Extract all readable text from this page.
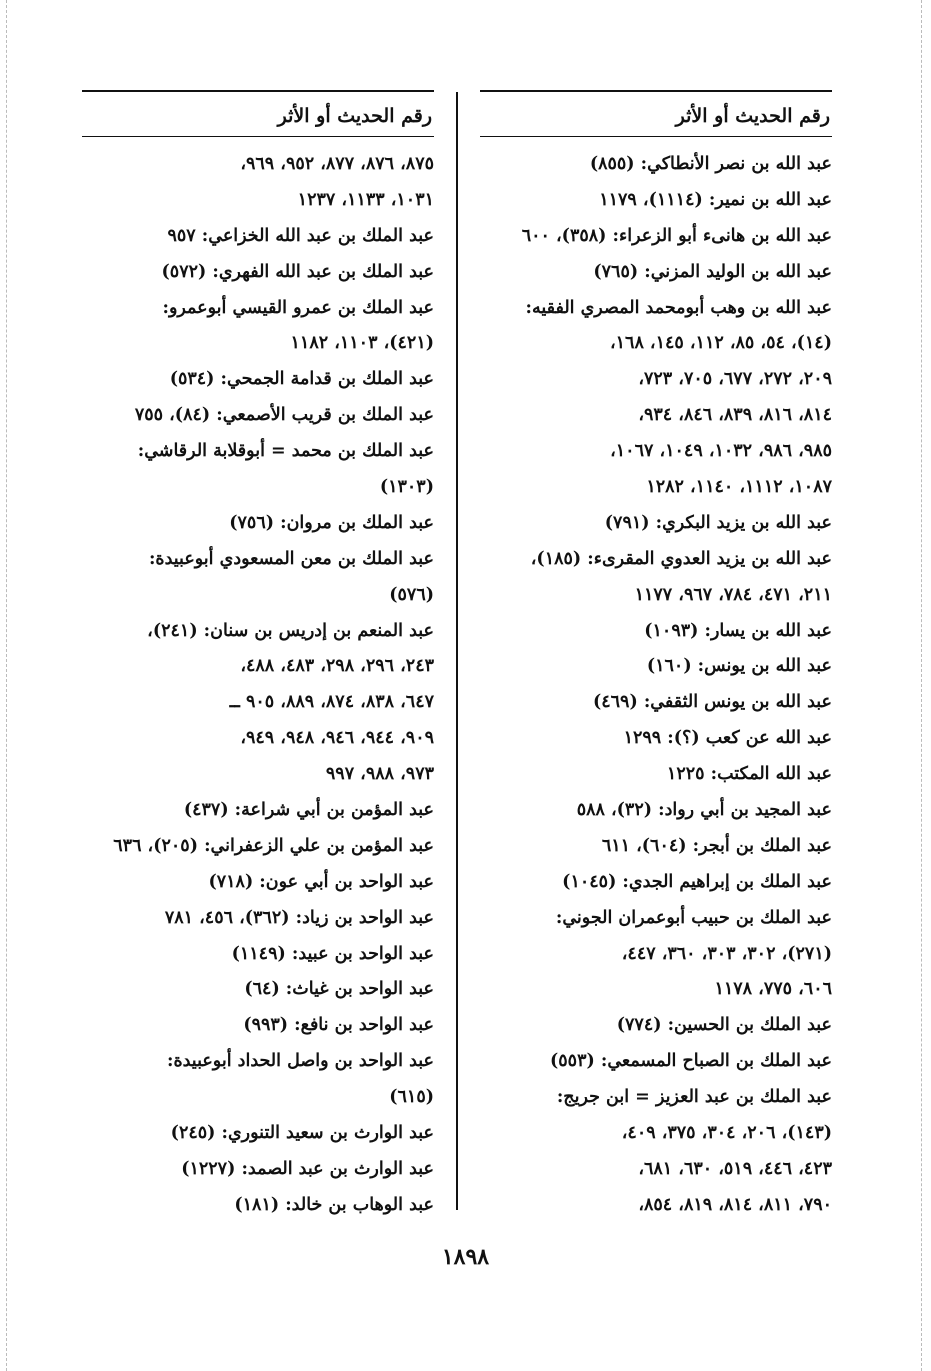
رقم الحديث أو الأثر
عبد الله بن نصر الأنطاكي: (٨٥٥)
عبد الله بن نمير: (١١١٤)، ١١٧٩
عبد الله بن هانىء أبو الزعراء: (٣٥٨)، ٦٠٠
عبد الله بن الوليد المزني: (٧٦٥)
عبد الله بن وهب أبومحمد المصري الفقيه:
(١٤)، ٥٤، ٨٥، ١١٢، ١٤٥، ١٦٨،
٢٠٩، ٢٧٢، ٦٧٧، ٧٠٥، ٧٢٣،
٨١٤، ٨١٦، ٨٣٩، ٨٤٦، ٩٣٤،
٩٨٥، ٩٨٦، ١٠٣٢، ١٠٤٩، ١٠٦٧،
١٠٨٧، ١١١٢، ١١٤٠، ١٢٨٢
عبد الله بن يزيد البكري: (٧٩١)
عبد الله بن يزيد العدوي المقرىء: (١٨٥)،
٢١١، ٤٧١، ٧٨٤، ٩٦٧، ١١٧٧
عبد الله بن يسار: (١٠٩٣)
عبد الله بن يونس: (١٦٠)
عبد الله بن يونس الثقفي: (٤٦٩)
عبد الله عن كعب (؟): ١٢٩٩
عبد الله المكتب: ١٢٢٥
عبد المجيد بن أبي رواد: (٣٢)، ٥٨٨
عبد الملك بن أبجر: (٦٠٤)، ٦١١
عبد الملك بن إبراهيم الجدي: (١٠٤٥)
عبد الملك بن حبيب أبوعمران الجوني:
(٢٧١)، ٣٠٢، ٣٠٣، ٣٦٠، ٤٤٧،
٦٠٦، ٧٧٥، ١١٧٨
عبد الملك بن الحسين: (٧٧٤)
عبد الملك بن الصباح المسمعي: (٥٥٣)
عبد الملك بن عبد العزيز = ابن جريج:
(١٤٣)، ٢٠٦، ٣٠٤، ٣٧٥، ٤٠٩،
٤٢٣، ٤٤٦، ٥١٩، ٦٣٠، ٦٨١،
٧٩٠، ٨١١، ٨١٤، ٨١٩، ٨٥٤،
رقم الحديث أو الأثر
٨٧٥، ٨٧٦، ٨٧٧، ٩٥٢، ٩٦٩،
١٠٣١، ١١٣٣، ١٢٣٧
عبد الملك بن عبد الله الخزاعي: ٩٥٧
عبد الملك بن عبد الله الفهري: (٥٧٢)
عبد الملك بن عمرو القيسي أبوعمرو:
(٤٢١)، ١١٠٣، ١١٨٢
عبد الملك بن قدامة الجمحي: (٥٣٤)
عبد الملك بن قريب الأصمعي: (٨٤)، ٧٥٥
عبد الملك بن محمد = أبوقلابة الرقاشي:
(١٣٠٣)
عبد الملك بن مروان: (٧٥٦)
عبد الملك بن معن المسعودي أبوعبيدة:
(٥٧٦)
عبد المنعم بن إدريس بن سنان: (٢٤١)،
٢٤٣، ٢٩٦، ٢٩٨، ٤٨٣، ٤٨٨،
٦٤٧، ٨٣٨، ٨٧٤، ٨٨٩، ٩٠٥ ــ
٩٠٩، ٩٤٤، ٩٤٦، ٩٤٨، ٩٤٩،
٩٧٣، ٩٨٨، ٩٩٧
عبد المؤمن بن أبي شراعة: (٤٣٧)
عبد المؤمن بن علي الزعفراني: (٢٠٥)، ٦٣٦
عبد الواحد بن أبي عون: (٧١٨)
عبد الواحد بن زياد: (٣٦٢)، ٤٥٦، ٧٨١
عبد الواحد بن عبيد: (١١٤٩)
عبد الواحد بن غياث: (٦٤)
عبد الواحد بن نافع: (٩٩٣)
عبد الواحد بن واصل الحداد أبوعبيدة:
(٦١٥)
عبد الوارث بن سعيد التنوري: (٢٤٥)
عبد الوارث بن عبد الصمد: (١٢٢٧)
عبد الوهاب بن خالد: (١٨١)
١٨٩٨
